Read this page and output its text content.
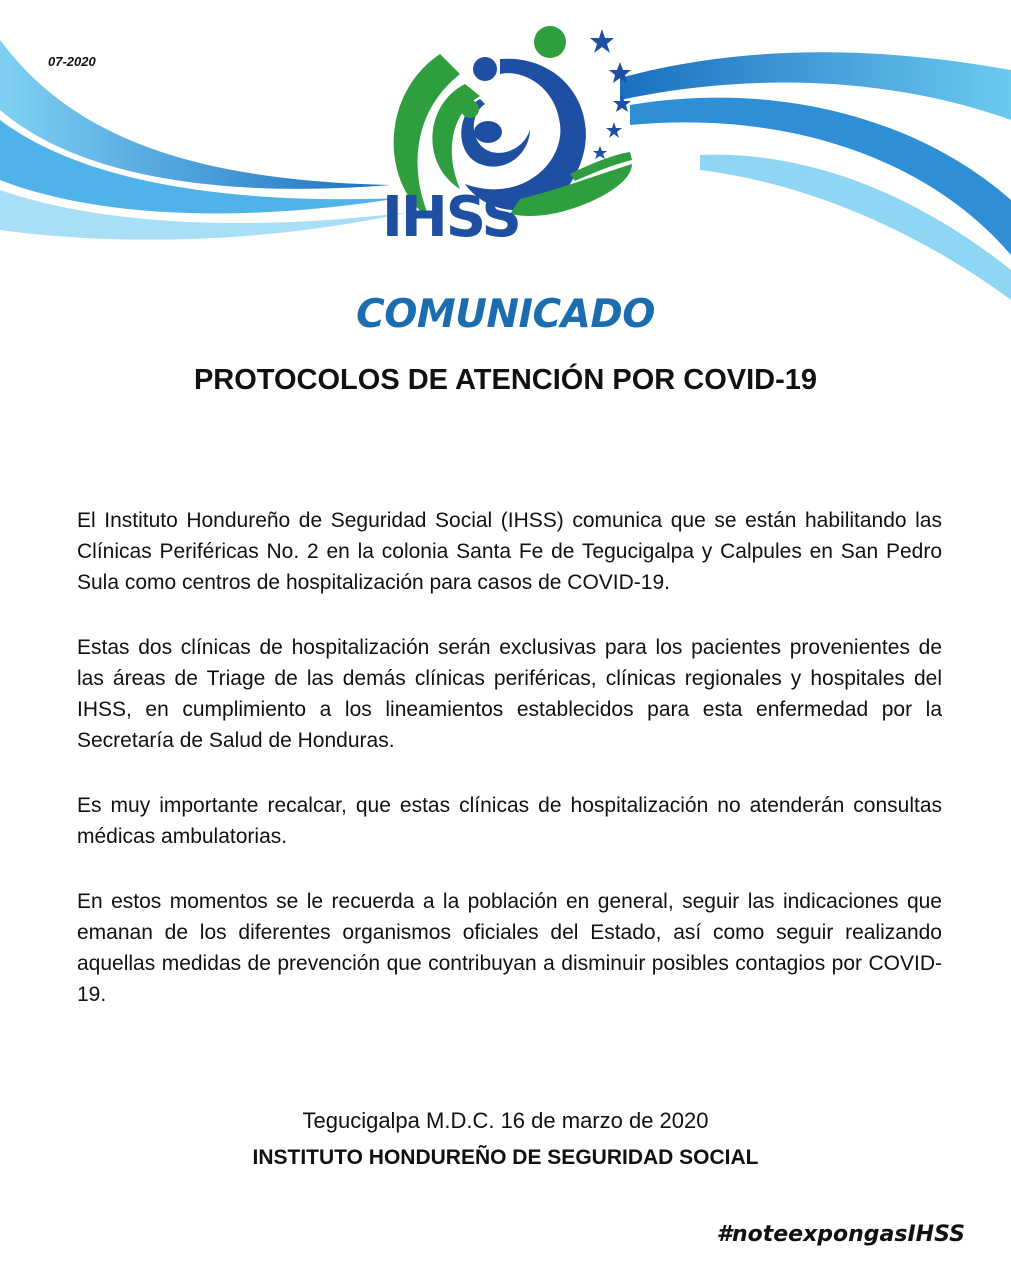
07-2020
IHSS
COMUNICADO
PROTOCOLOS DE ATENCIÓN POR COVID-19

El Instituto Hondureño de Seguridad Social (IHSS) comunica que se están habilitando las Clínicas Periféricas No. 2 en la colonia Santa Fe de Tegucigalpa y Calpules en San Pedro Sula como centros de hospitalización para casos de COVID-19.

Estas dos clínicas de hospitalización serán exclusivas para los pacientes provenientes de las áreas de Triage de las demás clínicas periféricas, clínicas regionales y hospitales del IHSS, en cumplimiento a los lineamientos establecidos para esta enfermedad por la Secretaría de Salud de Honduras.

Es muy importante recalcar, que estas clínicas de hospitalización no atenderán consultas médicas ambulatorias.

En estos momentos se le recuerda a la población en general, seguir las indicaciones que emanan de los diferentes organismos oficiales del Estado, así como seguir realizando aquellas medidas de prevención que contribuyan a disminuir posibles contagios por COVID-19.

Tegucigalpa M.D.C. 16 de marzo de 2020
INSTITUTO HONDUREÑO DE SEGURIDAD SOCIAL
#noteexpongasIHSS
